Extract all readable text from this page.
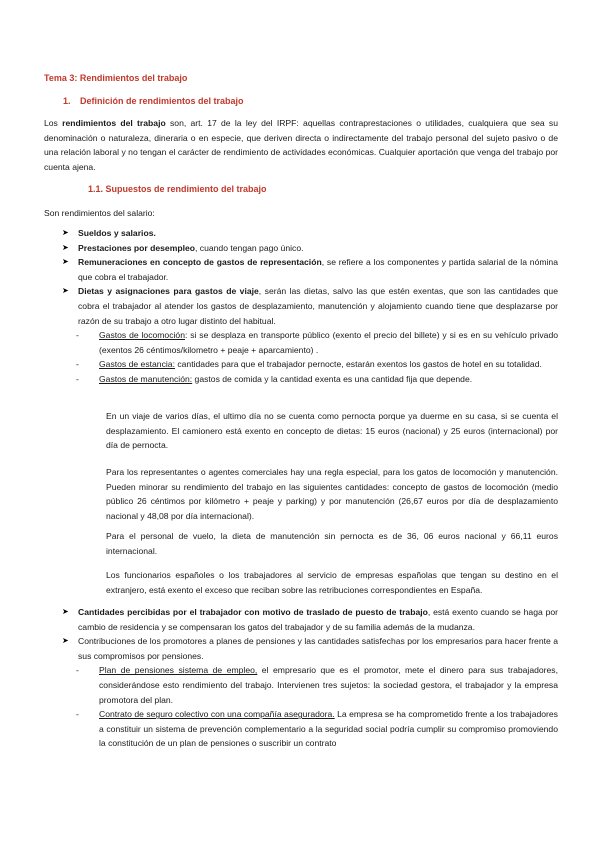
Tema 3: Rendimientos del trabajo
1. Definición de rendimientos del trabajo
Los rendimientos del trabajo son, art. 17 de la ley del IRPF: aquellas contraprestaciones o utilidades, cualquiera que sea su denominación o naturaleza, dineraria o en especie, que deriven directa o indirectamente del trabajo personal del sujeto pasivo o de una relación laboral y no tengan el carácter de rendimiento de actividades económicas. Cualquier aportación que venga del trabajo por cuenta ajena.
1.1. Supuestos de rendimiento del trabajo
Son rendimientos del salario:
➤ Sueldos y salarios.
➤ Prestaciones por desempleo, cuando tengan pago único.
➤ Remuneraciones en concepto de gastos de representación, se refiere a los componentes y partida salarial de la nómina que cobra el trabajador.
➤ Dietas y asignaciones para gastos de viaje, serán las dietas, salvo las que estén exentas, que son las cantidades que cobra el trabajador al atender los gastos de desplazamiento, manutención y alojamiento cuando tiene que desplazarse por razón de su trabajo a otro lugar distinto del habitual.
- Gastos de locomoción: si se desplaza en transporte público (exento el precio del billete) y si es en su vehículo privado (exentos 26 céntimos/kilometro + peaje + aparcamiento) .
- Gastos de estancia: cantidades para que el trabajador pernocte, estarán exentos los gastos de hotel en su totalidad.
- Gastos de manutención: gastos de comida y la cantidad exenta es una cantidad fija que depende.
En un viaje de varios días, el ultimo día no se cuenta como pernocta porque ya duerme en su casa, si se cuenta el desplazamiento. El camionero está exento en concepto de dietas: 15 euros (nacional) y 25 euros (internacional) por día de pernocta.
Para los representantes o agentes comerciales hay una regla especial, para los gatos de locomoción y manutención. Pueden minorar su rendimiento del trabajo en las siguientes cantidades: concepto de gastos de locomoción (medio público 26 céntimos por kilómetro + peaje y parking) y por manutención (26,67 euros por día de desplazamiento nacional y 48,08 por día internacional).
Para el personal de vuelo, la dieta de manutención sin pernocta es de 36, 06 euros nacional y 66,11 euros internacional.
Los funcionarios españoles o los trabajadores al servicio de empresas españolas que tengan su destino en el extranjero, está exento el exceso que reciban sobre las retribuciones correspondientes en España.
➤ Cantidades percibidas por el trabajador con motivo de traslado de puesto de trabajo, está exento cuando se haga por cambio de residencia y se compensaran los gatos del trabajador y de su familia además de la mudanza.
➤ Contribuciones de los promotores a planes de pensiones y las cantidades satisfechas por los empresarios para hacer frente a sus compromisos por pensiones.
- Plan de pensiones sistema de empleo, el empresario que es el promotor, mete el dinero para sus trabajadores, considerándose esto rendimiento del trabajo. Intervienen tres sujetos: la sociedad gestora, el trabajador y la empresa promotora del plan.
- Contrato de seguro colectivo con una compañía aseguradora. La empresa se ha comprometido frente a los trabajadores a constituir un sistema de prevención complementario a la seguridad social podría cumplir su compromiso promoviendo la constitución de un plan de pensiones o suscribir un contrato
